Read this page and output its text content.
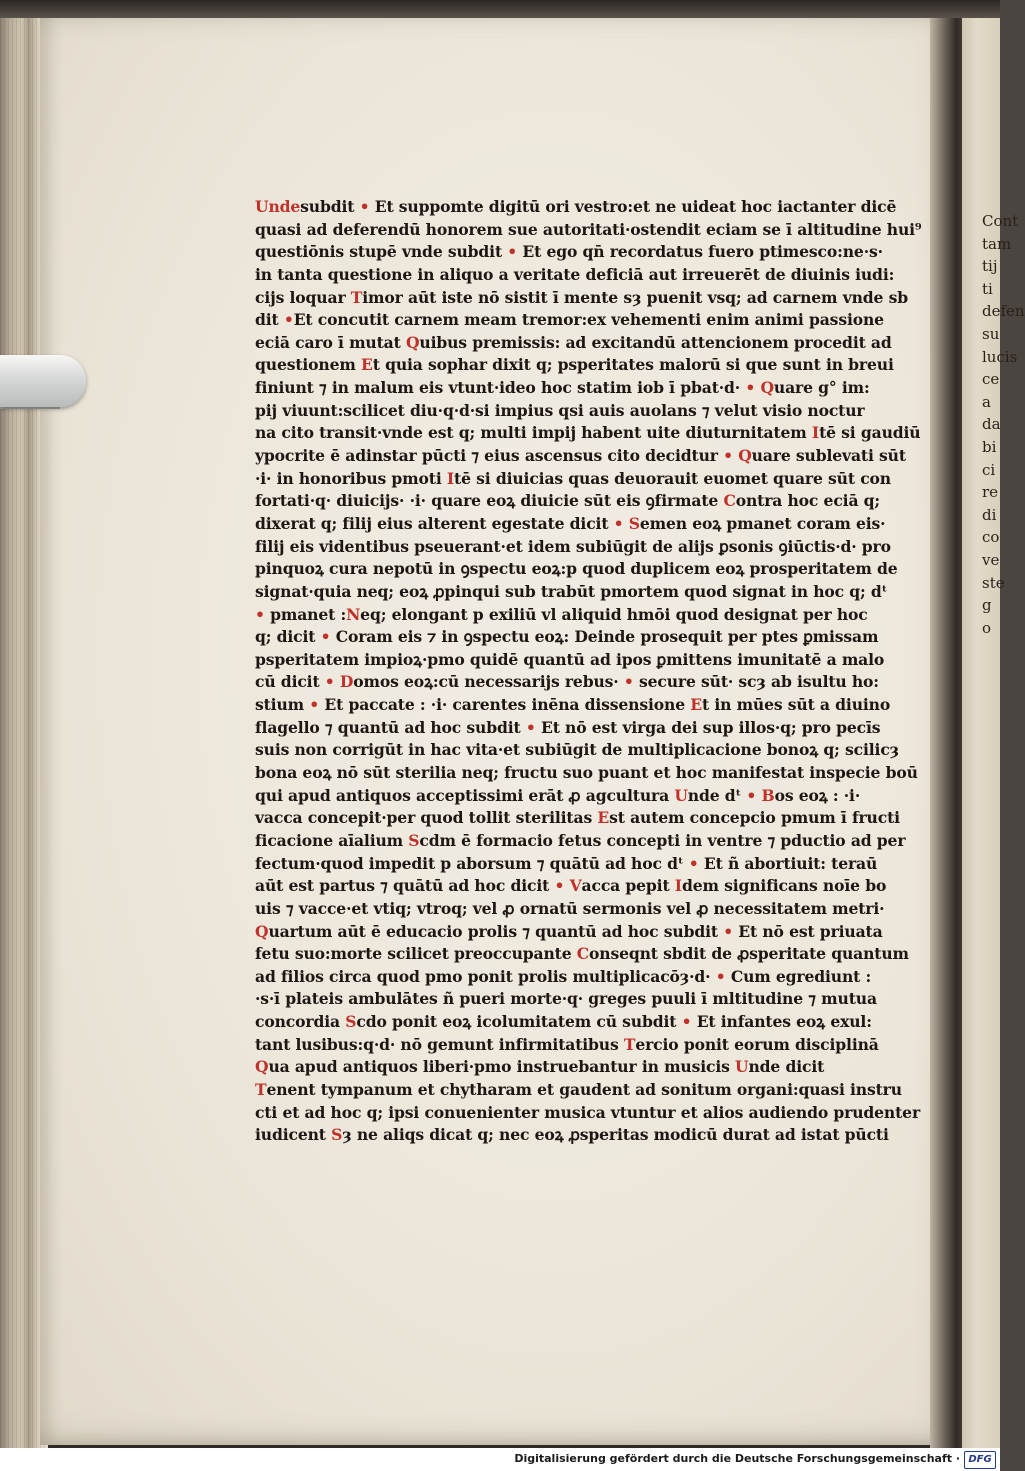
Cont
tam
tij
ti
defen
su
lucis
ce
a
da
bi
ci
re
di
co
ve
ste
g
o
Undesubdit • Et suppomte digitū ori vestro:et ne uideat hoc iactanter dicē
quasi ad deferendū honorem sue autoritati·ostendit eciam se ī altitudine hui⁹
questiōnis stupē vnde subdit • Et ego qn̄ recordatus fuero ptimesco:ne·s·
in tanta questione in aliquo a veritate deficiā aut irreuerēt de diuinis iudi:
cijs loquar Timor aūt iste nō sistit ī mente sȝ puenit vsq; ad carnem vnde sb
dit •Et concutit carnem meam tremor:ex vehementi enim animi passione
eciā caro ī mutat Quibus premissis: ad excitandū attencionem procedit ad
questionem Et quia sophar dixit q; psperitates malorū si que sunt in breui
finiunt ⁊ in malum eis vtunt·ideo hoc statim iob ī pbat·d· • Quare g° im:
pij viuunt:scilicet diu·q·d·si impius qsi auis auolans ⁊ velut visio noctur
na cito transit·vnde est q; multi impij habent uite diuturnitatem Itē si gaudiū
ypocrite ē adinstar pūcti ⁊ eius ascensus cito decidtur • Quare sublevati sūt
·i· in honoribus pmoti Itē si diuicias quas deuorauit euomet quare sūt con
fortati·q· diuicijs· ·i· quare eoꝝ diuicie sūt eis ꝯfirmate Contra hoc eciā q;
dixerat q; filij eius alterent egestate dicit • Semen eoꝝ pmanet coram eis·
filij eis videntibus pseuerant·et idem subiūgit de alijs ꝑsonis ꝯiūctis·d· pro
pinquoꝝ cura nepotū in ꝯspectu eoꝝ:p quod duplicem eoꝝ prosperitatem de
signat·quia neq; eoꝝ ꝓpinqui sub trabūt pmortem quod signat in hoc q; dᵗ
• pmanet :Neq; elongant p exiliū vl aliquid hmōi quod designat per hoc
q; dicit • Coram eis ⁊ in ꝯspectu eoꝝ: Deinde prosequit per ptes ꝑmissam
psperitatem impioꝝ·pmo quidē quantū ad ipos ꝑmittens imunitatē a malo
cū dicit • Domos eoꝝ:cū necessarijs rebus· • secure sūt· scȝ ab isultu ho:
stium • Et paccate : ·i· carentes inēna dissensione Et in mūes sūt a diuino
flagello ⁊ quantū ad hoc subdit • Et nō est virga dei sup illos·q; pro pecīs
suis non corrigūt in hac vita·et subiūgit de multiplicacione bonoꝝ q; scilicȝ
bona eoꝝ nō sūt sterilia neq; fructu suo puant et hoc manifestat inspecie boū
qui apud antiquos acceptissimi erāt ꝓ agcultura Unde dᵗ • Bos eoꝝ : ·i·
vacca concepit·per quod tollit sterilitas Est autem concepcio pmum ī fructi
ficacione aīalium Scdm ē formacio fetus concepti in ventre ⁊ pductio ad per
fectum·quod impedit p aborsum ⁊ quātū ad hoc dᵗ • Et ñ abortiuit: teraū
aūt est partus ⁊ quātū ad hoc dicit • Vacca pepit Idem significans noīe bo
uis ⁊ vacce·et vtiq; vtroq; vel ꝓ ornatū sermonis vel ꝓ necessitatem metri·
Quartum aūt ē educacio prolis ⁊ quantū ad hoc subdit • Et nō est priuata
fetu suo:morte scilicet preoccupante Conseqnt sbdit de ꝓsperitate quantum
ad filios circa quod pmo ponit prolis multiplicacōȝ·d· • Cum egrediunt :
·s·ī plateis ambulātes ñ pueri morte·q· greges puuli ī mltitudine ⁊ mutua
concordia Scdo ponit eoꝝ icolumitatem cū subdit • Et infantes eoꝝ exul:
tant lusibus:q·d· nō gemunt infirmitatibus Tercio ponit eorum disciplinā
Qua apud antiquos liberi·pmo instruebantur in musicis Unde dicit
Tenent tympanum et chytharam et gaudent ad sonitum organi:quasi instru
cti et ad hoc q; ipsi conuenienter musica vtuntur et alios audiendo prudenter
iudicent Sȝ ne aliqs dicat q; nec eoꝝ ꝓsperitas modicū durat ad istat pūcti
Digitalisierung gefördert durch die Deutsche Forschungsgemeinschaft · DFG
